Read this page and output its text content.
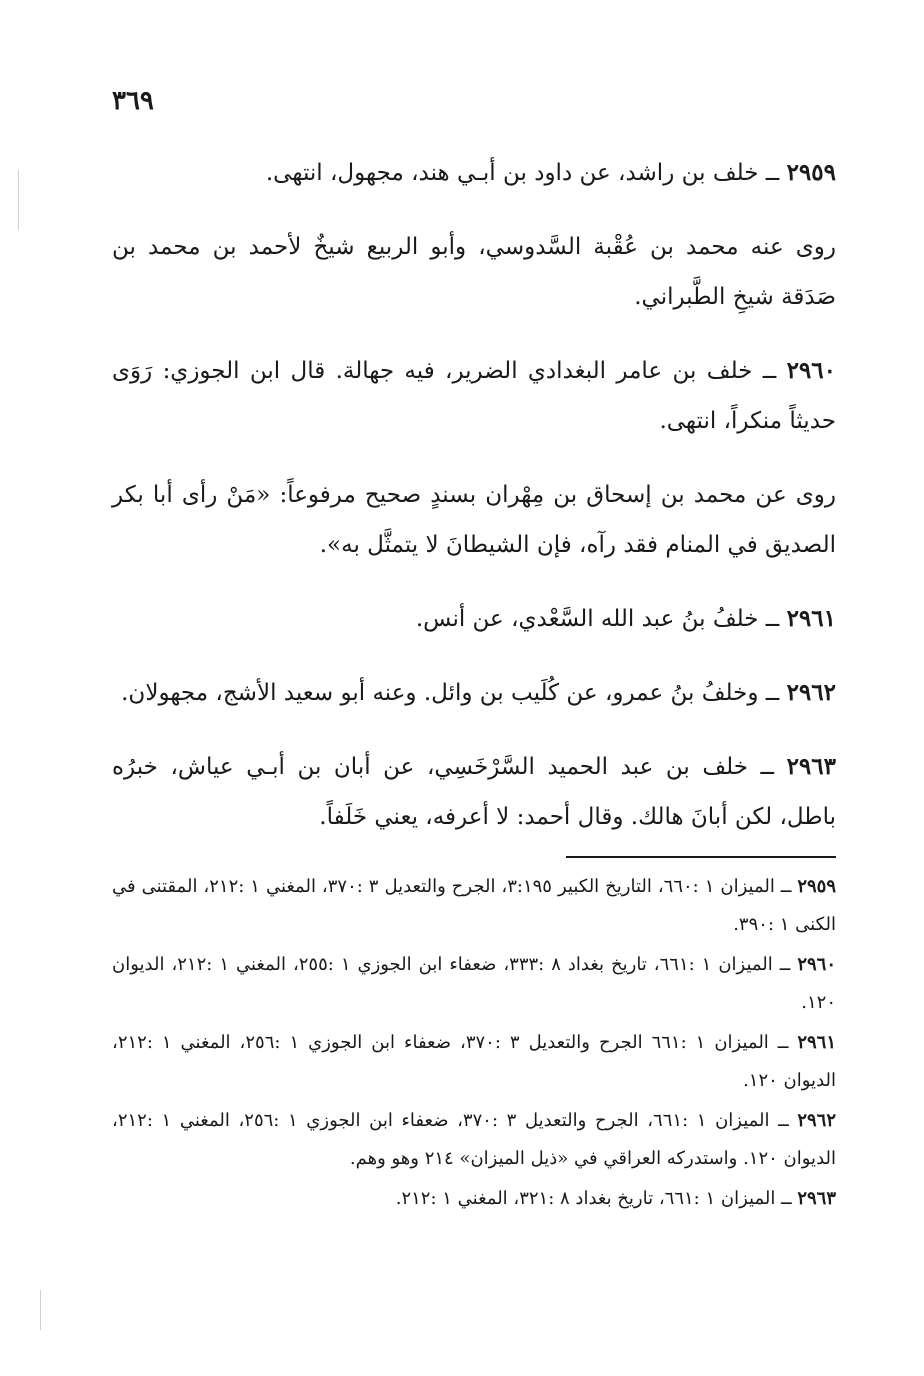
٣٦٩

٢٩٥٩ ــ خلف بن راشد، عن داود بن أبـي هند، مجهول، انتهى.

روى عنه محمد بن عُقْبة السَّدوسي، وأبو الربيع شيخٌ لأحمد بن محمد بن صَدَقة شيخِ الطَّبراني.

٢٩٦٠ ــ خلف بن عامر البغدادي الضرير، فيه جهالة. قال ابن الجوزي: رَوَى حديثاً منكراً، انتهى.

روى عن محمد بن إسحاق بن مِهْران بسندٍ صحيح مرفوعاً: «مَنْ رأى أبا بكر الصديق في المنام فقد رآه، فإن الشيطانَ لا يتمثَّل به».

٢٩٦١ ــ خلفُ بنُ عبد الله السَّعْدي، عن أنس.

٢٩٦٢ ــ وخلفُ بنُ عمرو، عن كُلَيب بن وائل. وعنه أبو سعيد الأشج، مجهولان.

٢٩٦٣ ــ خلف بن عبد الحميد السَّرْخَسِي، عن أبان بن أبـي عياش، خبرُه باطل، لكن أبانَ هالك. وقال أحمد: لا أعرفه، يعني خَلَفاً.

٢٩٥٩ ــ الميزان ١ :٦٦٠، التاريخ الكبير ٣:١٩٥، الجرح والتعديل ٣ :٣٧٠، المغني ١ :٢١٢، المقتنى في الكنى ١ :٣٩٠.

٢٩٦٠ ــ الميزان ١ :٦٦١، تاريخ بغداد ٨ :٣٣٣، ضعفاء ابن الجوزي ١ :٢٥٥، المغني ١ :٢١٢، الديوان ١٢٠.

٢٩٦١ ــ الميزان ١ :٦٦١ الجرح والتعديل ٣ :٣٧٠، ضعفاء ابن الجوزي ١ :٢٥٦، المغني ١ :٢١٢، الديوان ١٢٠.

٢٩٦٢ ــ الميزان ١ :٦٦١، الجرح والتعديل ٣ :٣٧٠، ضعفاء ابن الجوزي ١ :٢٥٦، المغني ١ :٢١٢، الديوان ١٢٠. واستدركه العراقي في «ذيل الميزان» ٢١٤ وهو وهم.

٢٩٦٣ ــ الميزان ١ :٦٦١، تاريخ بغداد ٨ :٣٢١، المغني ١ :٢١٢.
